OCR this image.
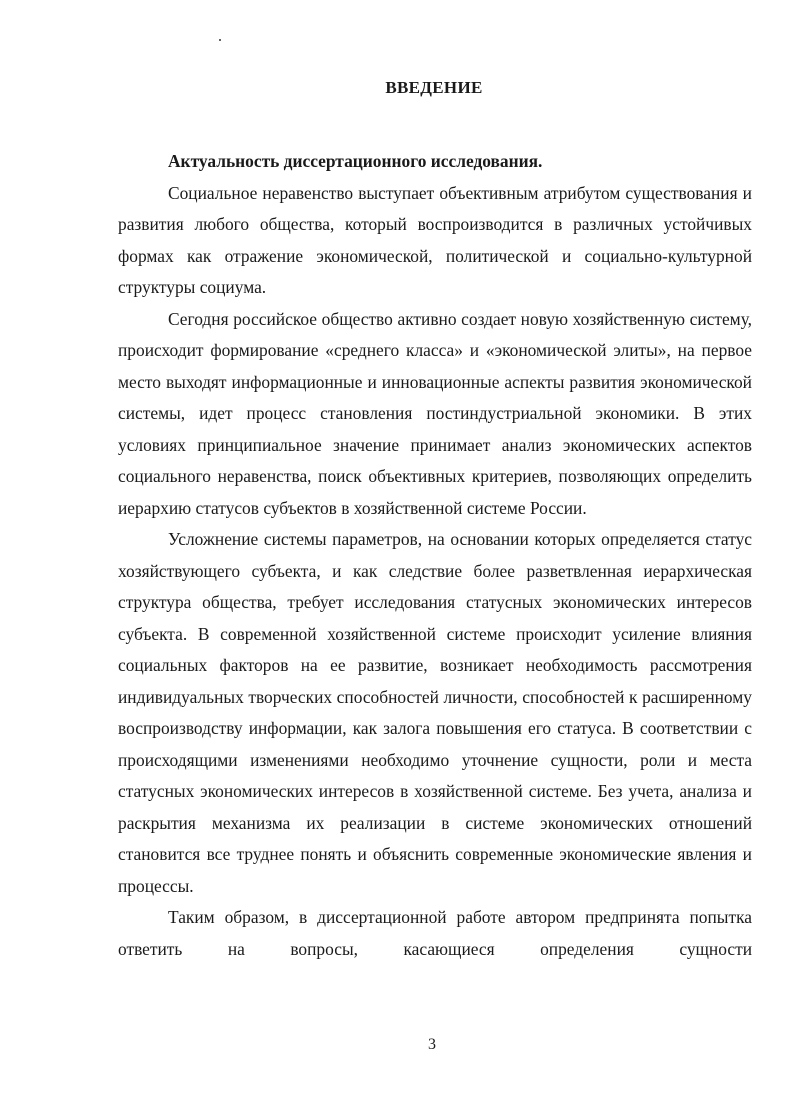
ВВЕДЕНИЕ

Актуальность диссертационного исследования.

Социальное неравенство выступает объективным атрибутом существования и развития любого общества, который воспроизводится в различных устойчивых формах как отражение экономической, политической и социально-культурной структуры социума.

Сегодня российское общество активно создает новую хозяйственную систему, происходит формирование «среднего класса» и «экономической элиты», на первое место выходят информационные и инновационные аспекты развития экономической системы, идет процесс становления постиндустриальной экономики. В этих условиях принципиальное значение принимает анализ экономических аспектов социального неравенства, поиск объективных критериев, позволяющих определить иерархию статусов субъектов в хозяйственной системе России.

Усложнение системы параметров, на основании которых определяется статус хозяйствующего субъекта, и как следствие более разветвленная иерархическая структура общества, требует исследования статусных экономических интересов субъекта. В современной хозяйственной системе происходит усиление влияния социальных факторов на ее развитие, возникает необходимость рассмотрения индивидуальных творческих способностей личности, способностей к расширенному воспроизводству информации, как залога повышения его статуса. В соответствии с происходящими изменениями необходимо уточнение сущности, роли и места статусных экономических интересов в хозяйственной системе. Без учета, анализа и раскрытия механизма их реализации в системе экономических отношений становится все труднее понять и объяснить современные экономические явления и процессы.

Таким образом, в диссертационной работе автором предпринята попытка ответить на вопросы, касающиеся определения сущности

3
